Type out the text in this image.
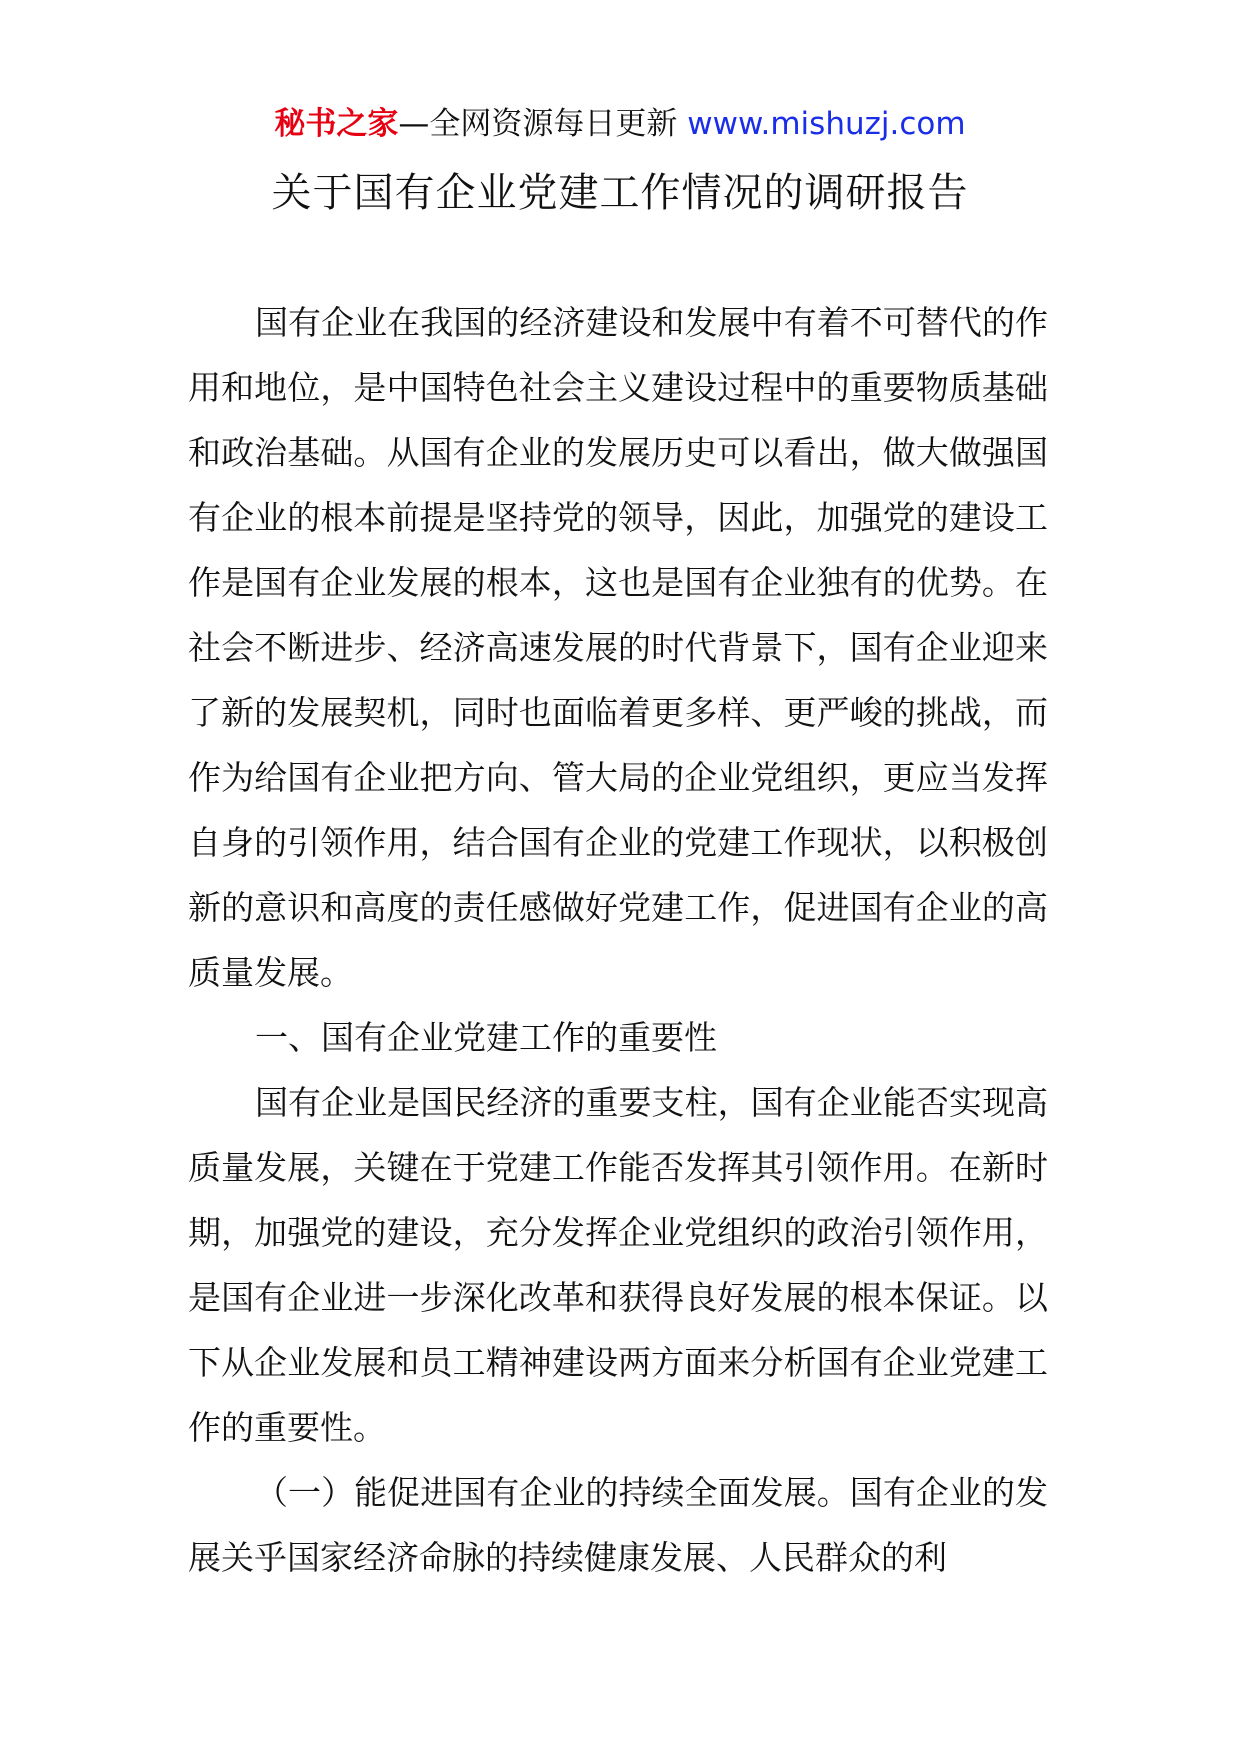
秘书之家—全网资源每日更新 www.mishuzj.com
关于国有企业党建工作情况的调研报告

国有企业在我国的经济建设和发展中有着不可替代的作用和地位，是中国特色社会主义建设过程中的重要物质基础和政治基础。从国有企业的发展历史可以看出，做大做强国有企业的根本前提是坚持党的领导，因此，加强党的建设工作是国有企业发展的根本，这也是国有企业独有的优势。在社会不断进步、经济高速发展的时代背景下，国有企业迎来了新的发展契机，同时也面临着更多样、更严峻的挑战，而作为给国有企业把方向、管大局的企业党组织，更应当发挥自身的引领作用，结合国有企业的党建工作现状，以积极创新的意识和高度的责任感做好党建工作，促进国有企业的高质量发展。

一、国有企业党建工作的重要性

国有企业是国民经济的重要支柱，国有企业能否实现高质量发展，关键在于党建工作能否发挥其引领作用。在新时期，加强党的建设，充分发挥企业党组织的政治引领作用，是国有企业进一步深化改革和获得良好发展的根本保证。以下从企业发展和员工精神建设两方面来分析国有企业党建工作的重要性。

（一）能促进国有企业的持续全面发展。国有企业的发展关乎国家经济命脉的持续健康发展、人民群众的利
